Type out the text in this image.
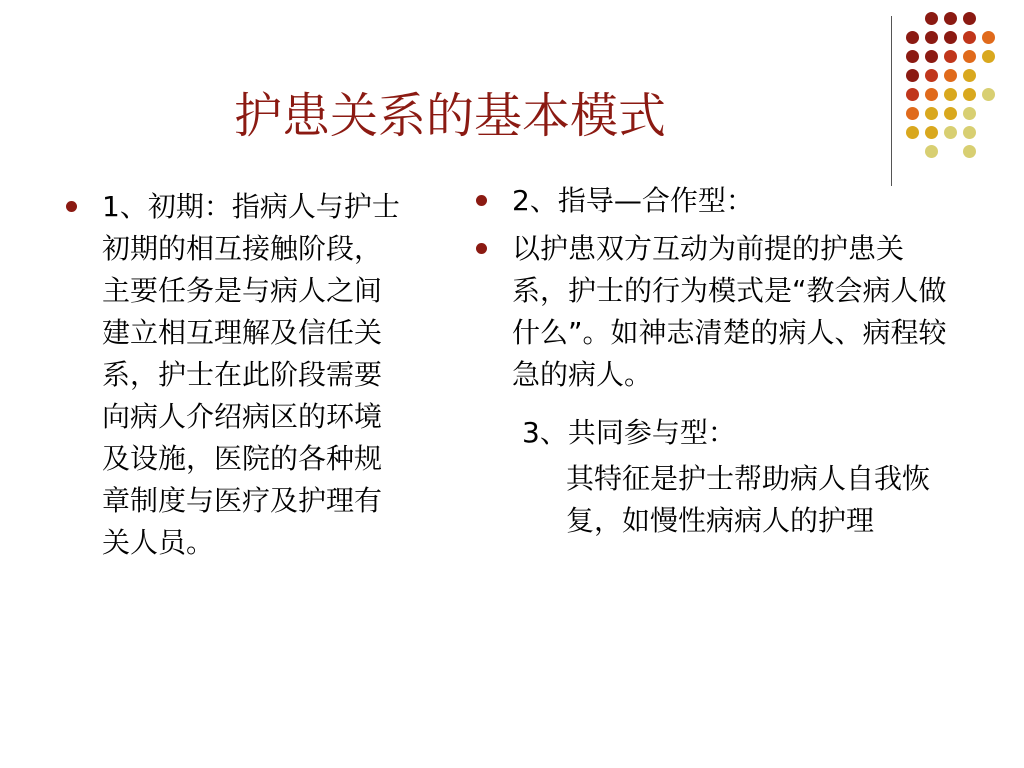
护患关系的基本模式
1、初期：指病人与护士初期的相互接触阶段，主要任务是与病人之间建立相互理解及信任关系，护士在此阶段需要向病人介绍病区的环境及设施，医院的各种规章制度与医疗及护理有关人员。
2、指导—合作型：
以护患双方互动为前提的护患关系，护士的行为模式是“教会病人做什么”。如神志清楚的病人、病程较急的病人。
3、共同参与型：
其特征是护士帮助病人自我恢复，如慢性病病人的护理
